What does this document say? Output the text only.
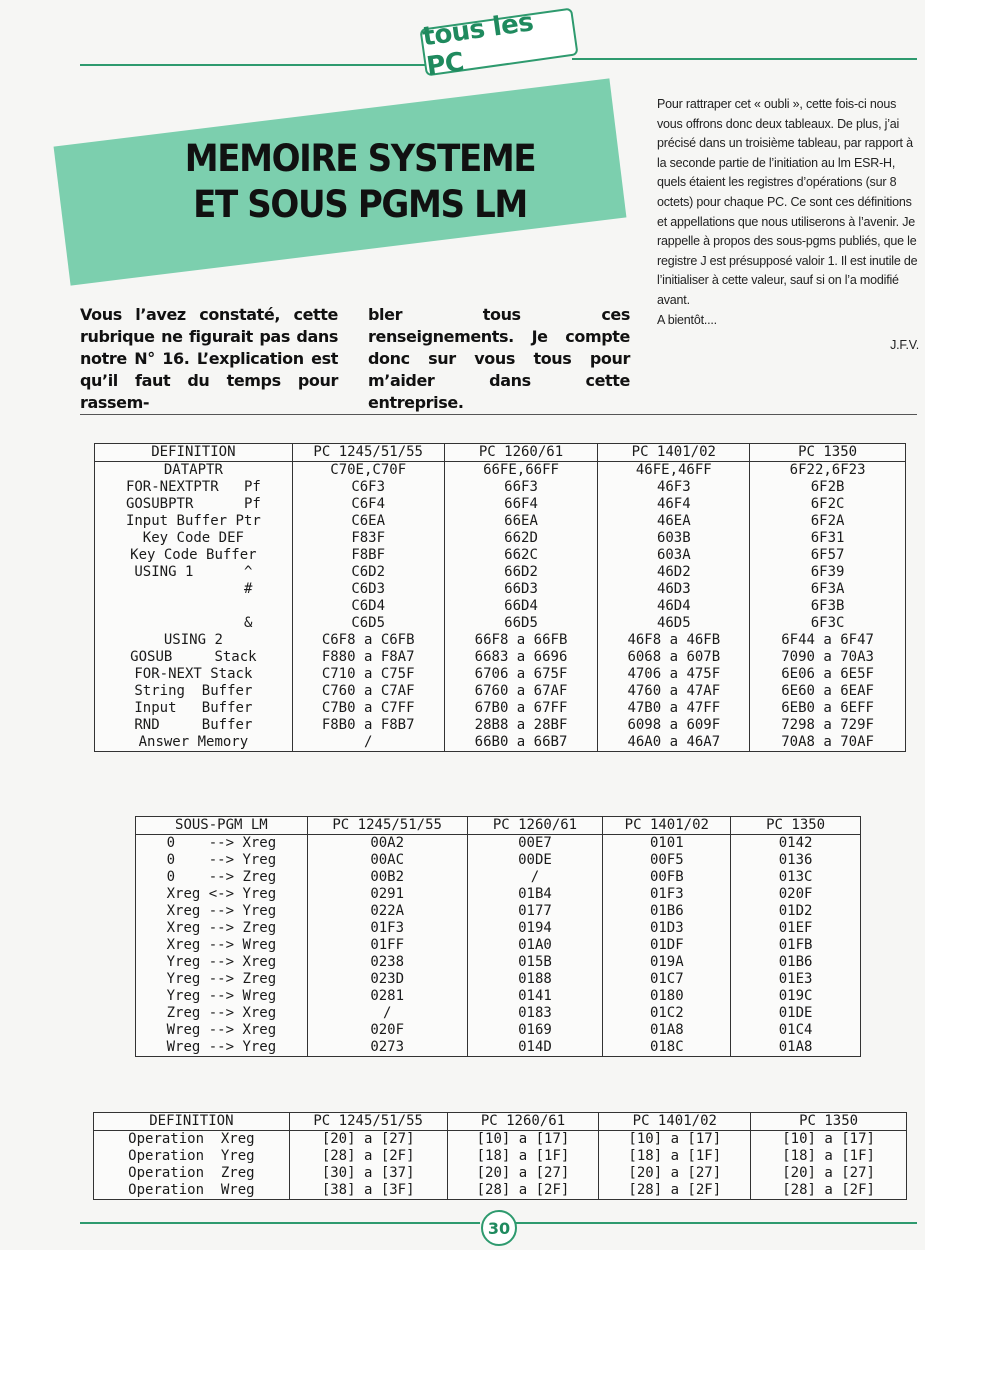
tous les PC
MEMOIRE SYSTEME
ET SOUS PGMS LM

Pour rattraper cet « oubli », cette fois-ci nous vous offrons donc deux tableaux. De plus, j’ai précisé dans un troisième tableau, par rapport à la seconde partie de l’initiation au lm ESR-H, quels étaient les registres d’opérations (sur 8 octets) pour chaque PC. Ce sont ces définitions et appellations que nous utiliserons à l’avenir. Je rappelle à propos des sous-pgms publiés, que le registre J est présupposé valoir 1. Il est inutile de l’initialiser à cette valeur, sauf si on l’a modifié avant.

A bientôt....

J.F.V.

Vous l’avez constaté, cette rubrique ne figurait pas dans notre N° 16. L’explication est qu’il faut du temps pour rassem-
bler tous ces renseignements. Je compte donc sur vous tous pour m’aider dans cette entreprise.
DEFINITION	PC 1245/51/55	PC 1260/61	PC 1401/02	PC 1350
DATAPTR	C70E,C70F	66FE,66FF	46FE,46FF	6F22,6F23
FOR-NEXTPTR   Pf	C6F3	66F3	46F3	6F2B
GOSUBPTR      Pf	C6F4	66F4	46F4	6F2C
Input Buffer Ptr	C6EA	66EA	46EA	6F2A
Key Code DEF	F83F	662D	603B	6F31
Key Code Buffer	F8BF	662C	603A	6F57
USING 1      ^	C6D2	66D2	46D2	6F39
#	C6D3	66D3	46D3	6F3A
	C6D4	66D4	46D4	6F3B
&	C6D5	66D5	46D5	6F3C
USING 2	C6F8 a C6FB	66F8 a 66FB	46F8 a 46FB	6F44 a 6F47
GOSUB     Stack	F880 a F8A7	6683 a 6696	6068 a 607B	7090 a 70A3
FOR-NEXT Stack	C710 a C75F	6706 a 675F	4706 a 475F	6E06 a 6E5F
String  Buffer	C760 a C7AF	6760 a 67AF	4760 a 47AF	6E60 a 6EAF
Input   Buffer	C7B0 a C7FF	67B0 a 67FF	47B0 a 47FF	6EB0 a 6EFF
RND     Buffer	F8B0 a F8B7	28B8 a 28BF	6098 a 609F	7298 a 729F
Answer Memory	/	66B0 a 66B7	46A0 a 46A7	70A8 a 70AF
SOUS-PGM LM	PC 1245/51/55	PC 1260/61	PC 1401/02	PC 1350
0    --> Xreg	00A2	00E7	0101	0142
0    --> Yreg	00AC	00DE	00F5	0136
0    --> Zreg	00B2	/	00FB	013C
Xreg <-> Yreg	0291	01B4	01F3	020F
Xreg --> Yreg	022A	0177	01B6	01D2
Xreg --> Zreg	01F3	0194	01D3	01EF
Xreg --> Wreg	01FF	01A0	01DF	01FB
Yreg --> Xreg	0238	015B	019A	01B6
Yreg --> Zreg	023D	0188	01C7	01E3
Yreg --> Wreg	0281	0141	0180	019C
Zreg --> Xreg	/	0183	01C2	01DE
Wreg --> Xreg	020F	0169	01A8	01C4
Wreg --> Yreg	0273	014D	018C	01A8
DEFINITION	PC 1245/51/55	PC 1260/61	PC 1401/02	PC 1350
Operation  Xreg	[20] a [27]	[10] a [17]	[10] a [17]	[10] a [17]
Operation  Yreg	[28] a [2F]	[18] a [1F]	[18] a [1F]	[18] a [1F]
Operation  Zreg	[30] a [37]	[20] a [27]	[20] a [27]	[20] a [27]
Operation  Wreg	[38] a [3F]	[28] a [2F]	[28] a [2F]	[28] a [2F]
30
